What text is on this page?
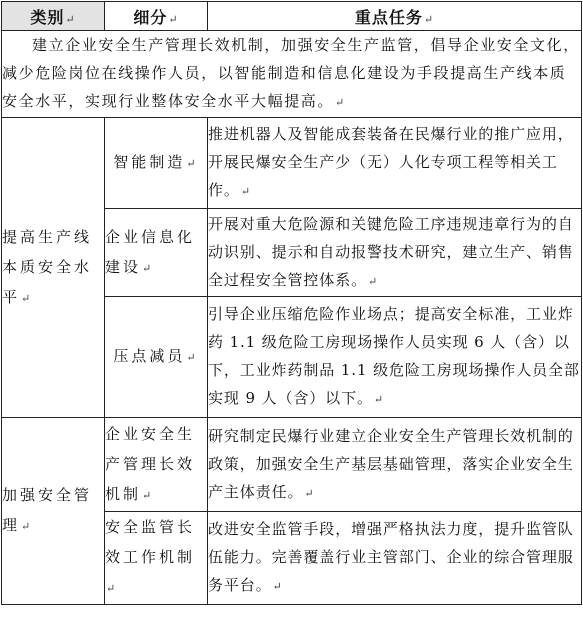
类别↵	细分↵	重点任务↵
建立企业安全生产管理长效机制，加强安全生产监管，倡导企业安全文化，减少危险岗位在线操作人员，以智能制造和信息化建设为手段提高生产线本质安全水平，实现行业整体安全水平大幅提高。↵		
提高生产线本质安全水平↵	智能制造↵	推进机器人及智能成套装备在民爆行业的推广应用，开展民爆安全生产少（无）人化专项工程等相关工作。↵
	企业信息化建设↵	开展对重大危险源和关键危险工序违规违章行为的自动识别、提示和自动报警技术研究，建立生产、销售全过程安全管控体系。↵
	压点减员↵	引导企业压缩危险作业场点；提高安全标准，工业炸药 1.1 级危险工房现场操作人员实现 6 人（含）以下，工业炸药制品 1.1 级危险工房现场操作人员全部实现 9 人（含）以下。↵
加强安全管理↵	企业安全生产管理长效机制↵	研究制定民爆行业建立企业安全生产管理长效机制的政策，加强安全生产基层基础管理，落实企业安全生产主体责任。↵
	安全监管长效工作机制↵	改进安全监管手段，增强严格执法力度，提升监管队伍能力。完善覆盖行业主管部门、企业的综合管理服务平台。↵
